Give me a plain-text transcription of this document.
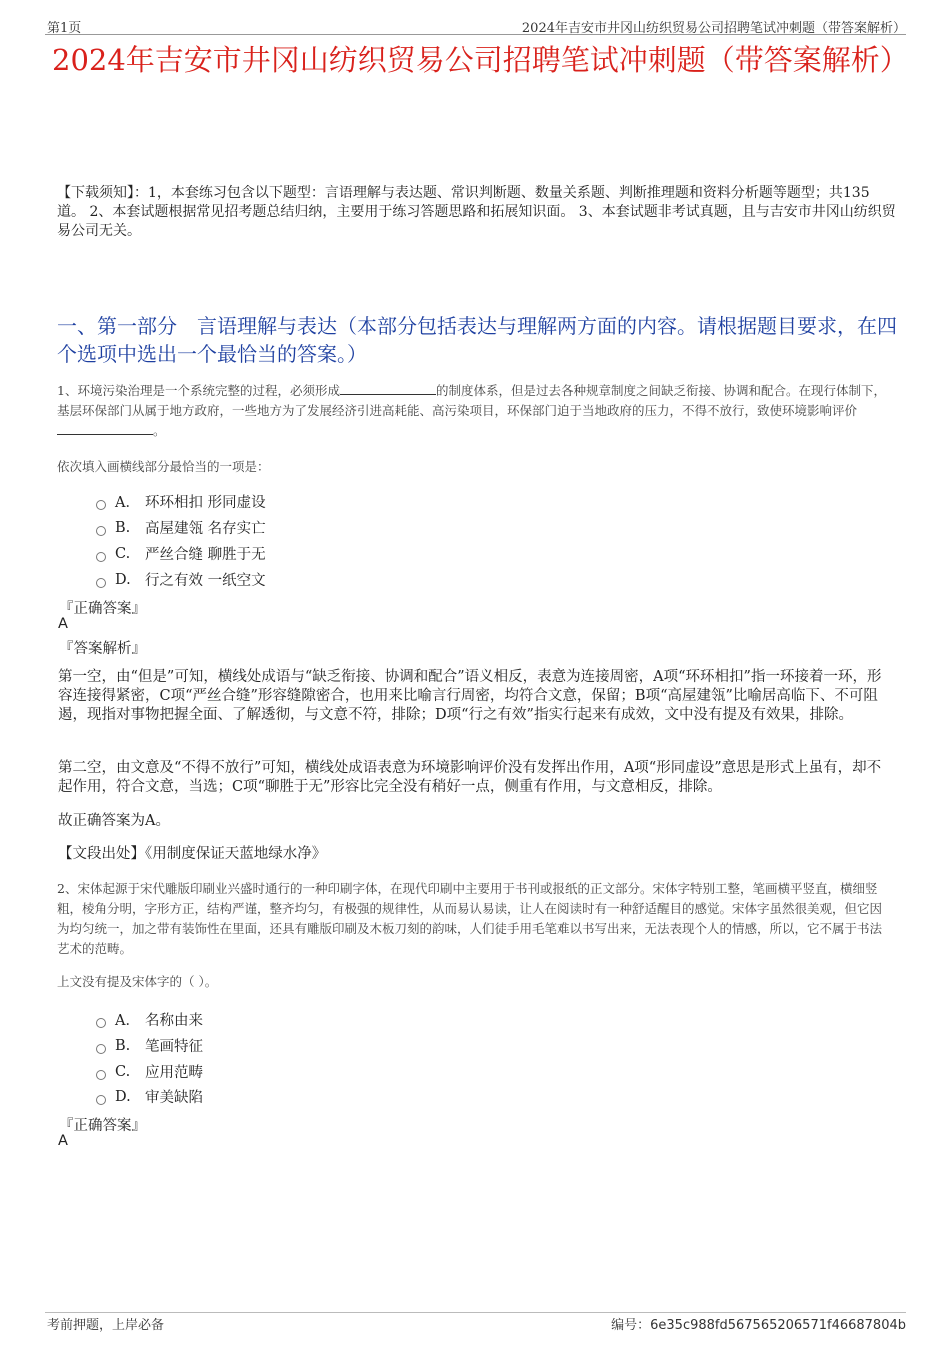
第1页	2024年吉安市井冈山纺织贸易公司招聘笔试冲刺题（带答案解析）
2024年吉安市井冈山纺织贸易公司招聘笔试冲刺题（带答案解析）
【下载须知】：1，本套练习包含以下题型：言语理解与表达题、常识判断题、数量关系题、判断推理题和资料分析题等题型；共135道。 2、本套试题根据常见招考题总结归纳，主要用于练习答题思路和拓展知识面。 3、本套试题非考试真题，且与吉安市井冈山纺织贸易公司无关。
一、第一部分　言语理解与表达（本部分包括表达与理解两方面的内容。请根据题目要求，在四个选项中选出一个最恰当的答案。）
1、环境污染治理是一个系统完整的过程，必须形成	的制度体系，但是过去各种规章制度之间缺乏衔接、协调和配合。在现行体制下，基层环保部门从属于地方政府，一些地方为了发展经济引进高耗能、高污染项目，环保部门迫于当地政府的压力，不得不放行，致使环境影响评价。
依次填入画横线部分最恰当的一项是：
A． 环环相扣 形同虚设
B.	高屋建瓴 名存实亡
C.	严丝合缝 聊胜于无
D. 行之有效 一纸空文
『正确答案』
A
『答案解析』
第一空，由“但是”可知，横线处成语与“缺乏衔接、协调和配合”语义相反，表意为连接周密，A项“环环相扣”指一环接着一环，形容连接得紧密，C项“严丝合缝”形容缝隙密合，也用来比喻言行周密，均符合文意，保留；B项“高屋建瓴”比喻居高临下、不可阻遏，现指对事物把握全面、了解透彻，与文意不符，排除；D项“行之有效”指实行起来有成效，文中没有提及有效果，排除。
第二空，由文意及“不得不放行”可知，横线处成语表意为环境影响评价没有发挥出作用，A项“形同虚设”意思是形式上虽有，却不起作用，符合文意，当选；C项“聊胜于无”形容比完全没有稍好一点，侧重有作用，与文意相反，排除。
故正确答案为A。
【文段出处】《用制度保证天蓝地绿水净》
2、宋体起源于宋代雕版印刷业兴盛时通行的一种印刷字体，在现代印刷中主要用于书刊或报纸的正文部分。宋体字特别工整，笔画横平竖直，横细竖粗，棱角分明，字形方正，结构严谨，整齐均匀，有极强的规律性，从而易认易读，让人在阅读时有一种舒适醒目的感觉。宋体字虽然很美观，但它因为均匀统一，加之带有装饰性在里面，还具有雕版印刷及木板刀刻的韵味，人们徒手用毛笔难以书写出来，无法表现个人的情感，所以，它不属于书法艺术的范畴。
上文没有提及宋体字的（ ）。
A． 名称由来
B.	笔画特征
C.	应用范畴
D. 审美缺陷
『正确答案』
A
考前押题，上岸必备	编号：6e35c988fd567565206571f46687804b
